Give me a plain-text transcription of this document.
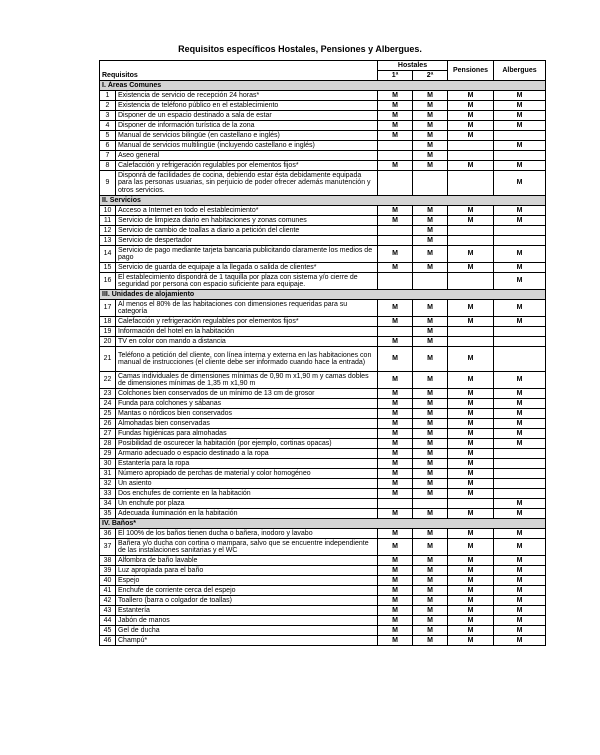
Requisitos específicos Hostales, Pensiones y Albergues.
		Hostales		Pensiones	Albergues
Requisitos		1ª	2ª		
I. Áreas Comunes					
1	Existencia de servicio de recepción 24 horas*	M	M	M	M
2	Existencia de teléfono público en el establecimiento	M	M	M	M
3	Disponer de un espacio destinado a sala de estar	M	M	M	M
4	Disponer de información turística de la zona	M	M	M	M
5	Manual de servicios bilingüe (en castellano e inglés)	M	M	M	
6	Manual de servicios multilingüe (incluyendo castellano e inglés)		M		M
7	Aseo general		M		
8	Calefacción y refrigeración regulables por elementos fijos*	M	M	M	M
9	Disponrá de facilidades de cocina, debiendo estar ésta debidamente equipada para las personas usuarias, sin perjuicio de poder ofrecer además manutención y otros servicios.				M
II. Servicios					
10	Acceso a Internet en todo el establecimiento*	M	M	M	M
11	Servicio de limpieza diario en habitaciones y zonas comunes	M	M	M	M
12	Servicio de cambio de toallas a diario a petición del cliente		M		
13	Servicio de despertador		M		
14	Servicio de pago mediante tarjeta bancaria publicitando claramente los medios de pago	M	M	M	M
15	Servicio de guarda de equipaje a la llegada o salida de clientes*	M	M	M	M
16	El establecimiento dispondrá de 1 taquilla por plaza con sistema y/o cierre de seguridad por persona con espacio suficiente para equipaje.				M
III. Unidades de alojamiento					
17	Al menos el 80% de las habitaciones con dimensiones requeridas para su categoría	M	M	M	M
18	Calefacción y refrigeración regulables por elementos fijos*	M	M	M	M
19	Información del hotel en la habitación		M		
20	TV en color con mando a distancia	M	M		
21	Teléfono a petición del cliente, con línea interna y externa en las habitaciones con manual de instrucciones (el cliente debe ser informado cuando hace la entrada)	M	M	M	
22	Camas individuales de dimensiones mínimas de 0,90 m x1,90 m y camas dobles de dimensiones mínimas de 1,35 m x1,90 m	M	M	M	M
23	Colchones bien conservados de un mínimo de 13 cm de grosor	M	M	M	M
24	Funda para colchones y sábanas	M	M	M	M
25	Mantas o nórdicos bien conservados	M	M	M	M
26	Almohadas bien conservadas	M	M	M	M
27	Fundas higiénicas para almohadas	M	M	M	M
28	Posibilidad de oscurecer la habitación (por ejemplo, cortinas opacas)	M	M	M	M
29	Armario adecuado o espacio destinado a la ropa	M	M	M	
30	Estantería para la ropa	M	M	M	
31	Número apropiado de perchas de material y color homogéneo	M	M	M	
32	Un asiento	M	M	M	
33	Dos enchufes de corriente en la habitación	M	M	M	
34	Un enchufe por plaza				M
35	Adecuada iluminación en la habitación	M	M	M	M
IV. Baños*					
36	El 100% de los baños tienen ducha o bañera, inodoro y lavabo	M	M	M	M
37	Bañera y/o ducha con cortina o mampara, salvo que se encuentre independiente de las instalaciones sanitarias y el WC	M	M	M	M
38	Alfombra de baño lavable	M	M	M	M
39	Luz apropiada para el baño	M	M	M	M
40	Espejo	M	M	M	M
41	Enchufe de corriente cerca del espejo	M	M	M	M
42	Toallero (barra o colgador de toallas)	M	M	M	M
43	Estantería	M	M	M	M
44	Jabón de manos	M	M	M	M
45	Gel de ducha	M	M	M	M
46	Champú*	M	M	M	M
